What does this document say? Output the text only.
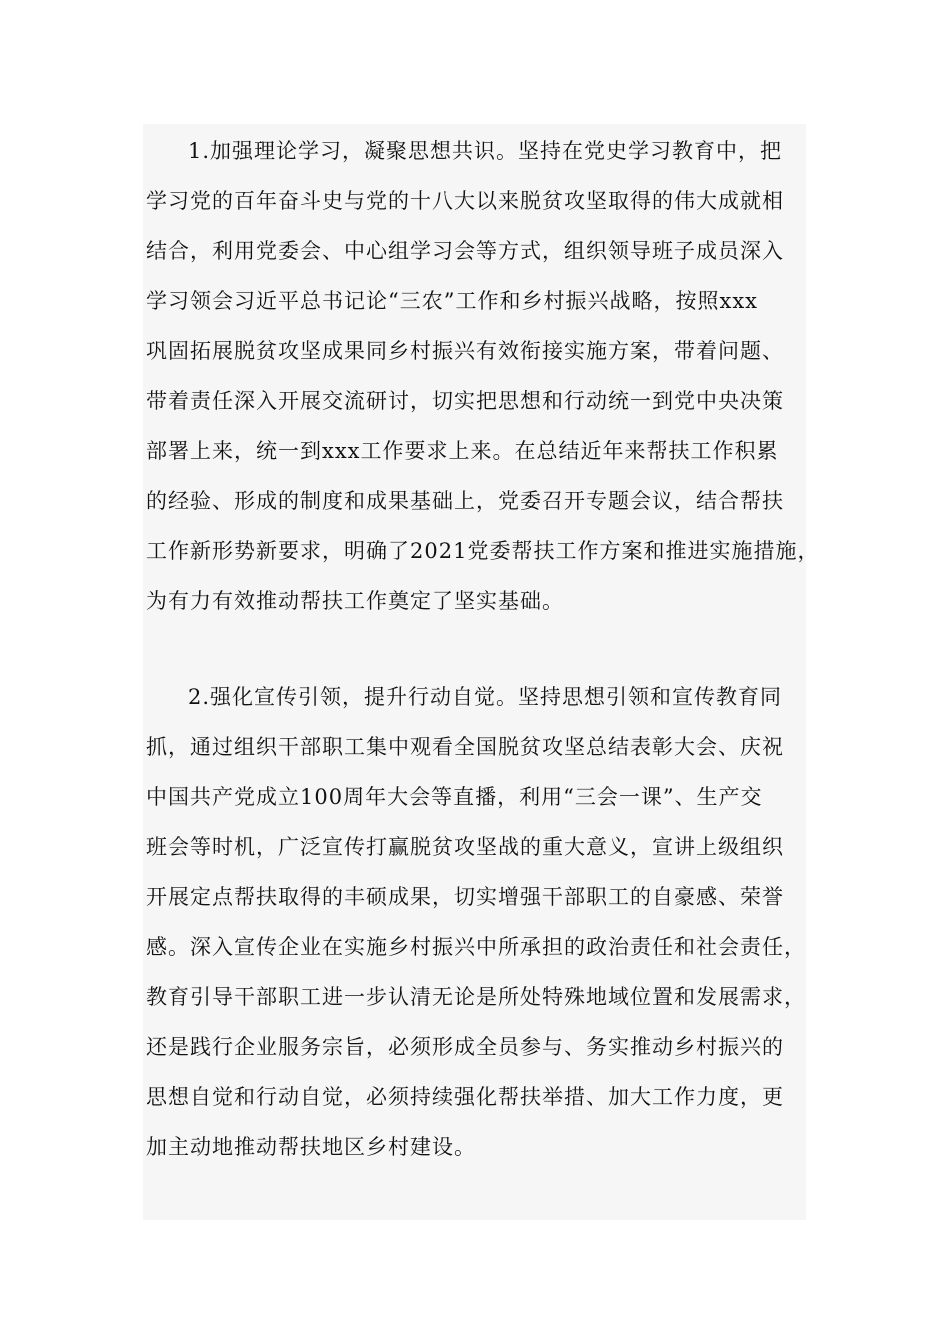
1.加强理论学习，凝聚思想共识。坚持在党史学习教育中，把
学习党的百年奋斗史与党的十八大以来脱贫攻坚取得的伟大成就相
结合，利用党委会、中心组学习会等方式，组织领导班子成员深入
学习领会习近平总书记论“三农”工作和乡村振兴战略，按照xxx
巩固拓展脱贫攻坚成果同乡村振兴有效衔接实施方案，带着问题、
带着责任深入开展交流研讨，切实把思想和行动统一到党中央决策
部署上来，统一到xxx工作要求上来。在总结近年来帮扶工作积累
的经验、形成的制度和成果基础上，党委召开专题会议，结合帮扶
工作新形势新要求，明确了2021党委帮扶工作方案和推进实施措施，
为有力有效推动帮扶工作奠定了坚实基础。
2.强化宣传引领，提升行动自觉。坚持思想引领和宣传教育同
抓，通过组织干部职工集中观看全国脱贫攻坚总结表彰大会、庆祝
中国共产党成立100周年大会等直播，利用“三会一课”、生产交
班会等时机，广泛宣传打赢脱贫攻坚战的重大意义，宣讲上级组织
开展定点帮扶取得的丰硕成果，切实增强干部职工的自豪感、荣誉
感。深入宣传企业在实施乡村振兴中所承担的政治责任和社会责任，
教育引导干部职工进一步认清无论是所处特殊地域位置和发展需求，
还是践行企业服务宗旨，必须形成全员参与、务实推动乡村振兴的
思想自觉和行动自觉，必须持续强化帮扶举措、加大工作力度，更
加主动地推动帮扶地区乡村建设。
